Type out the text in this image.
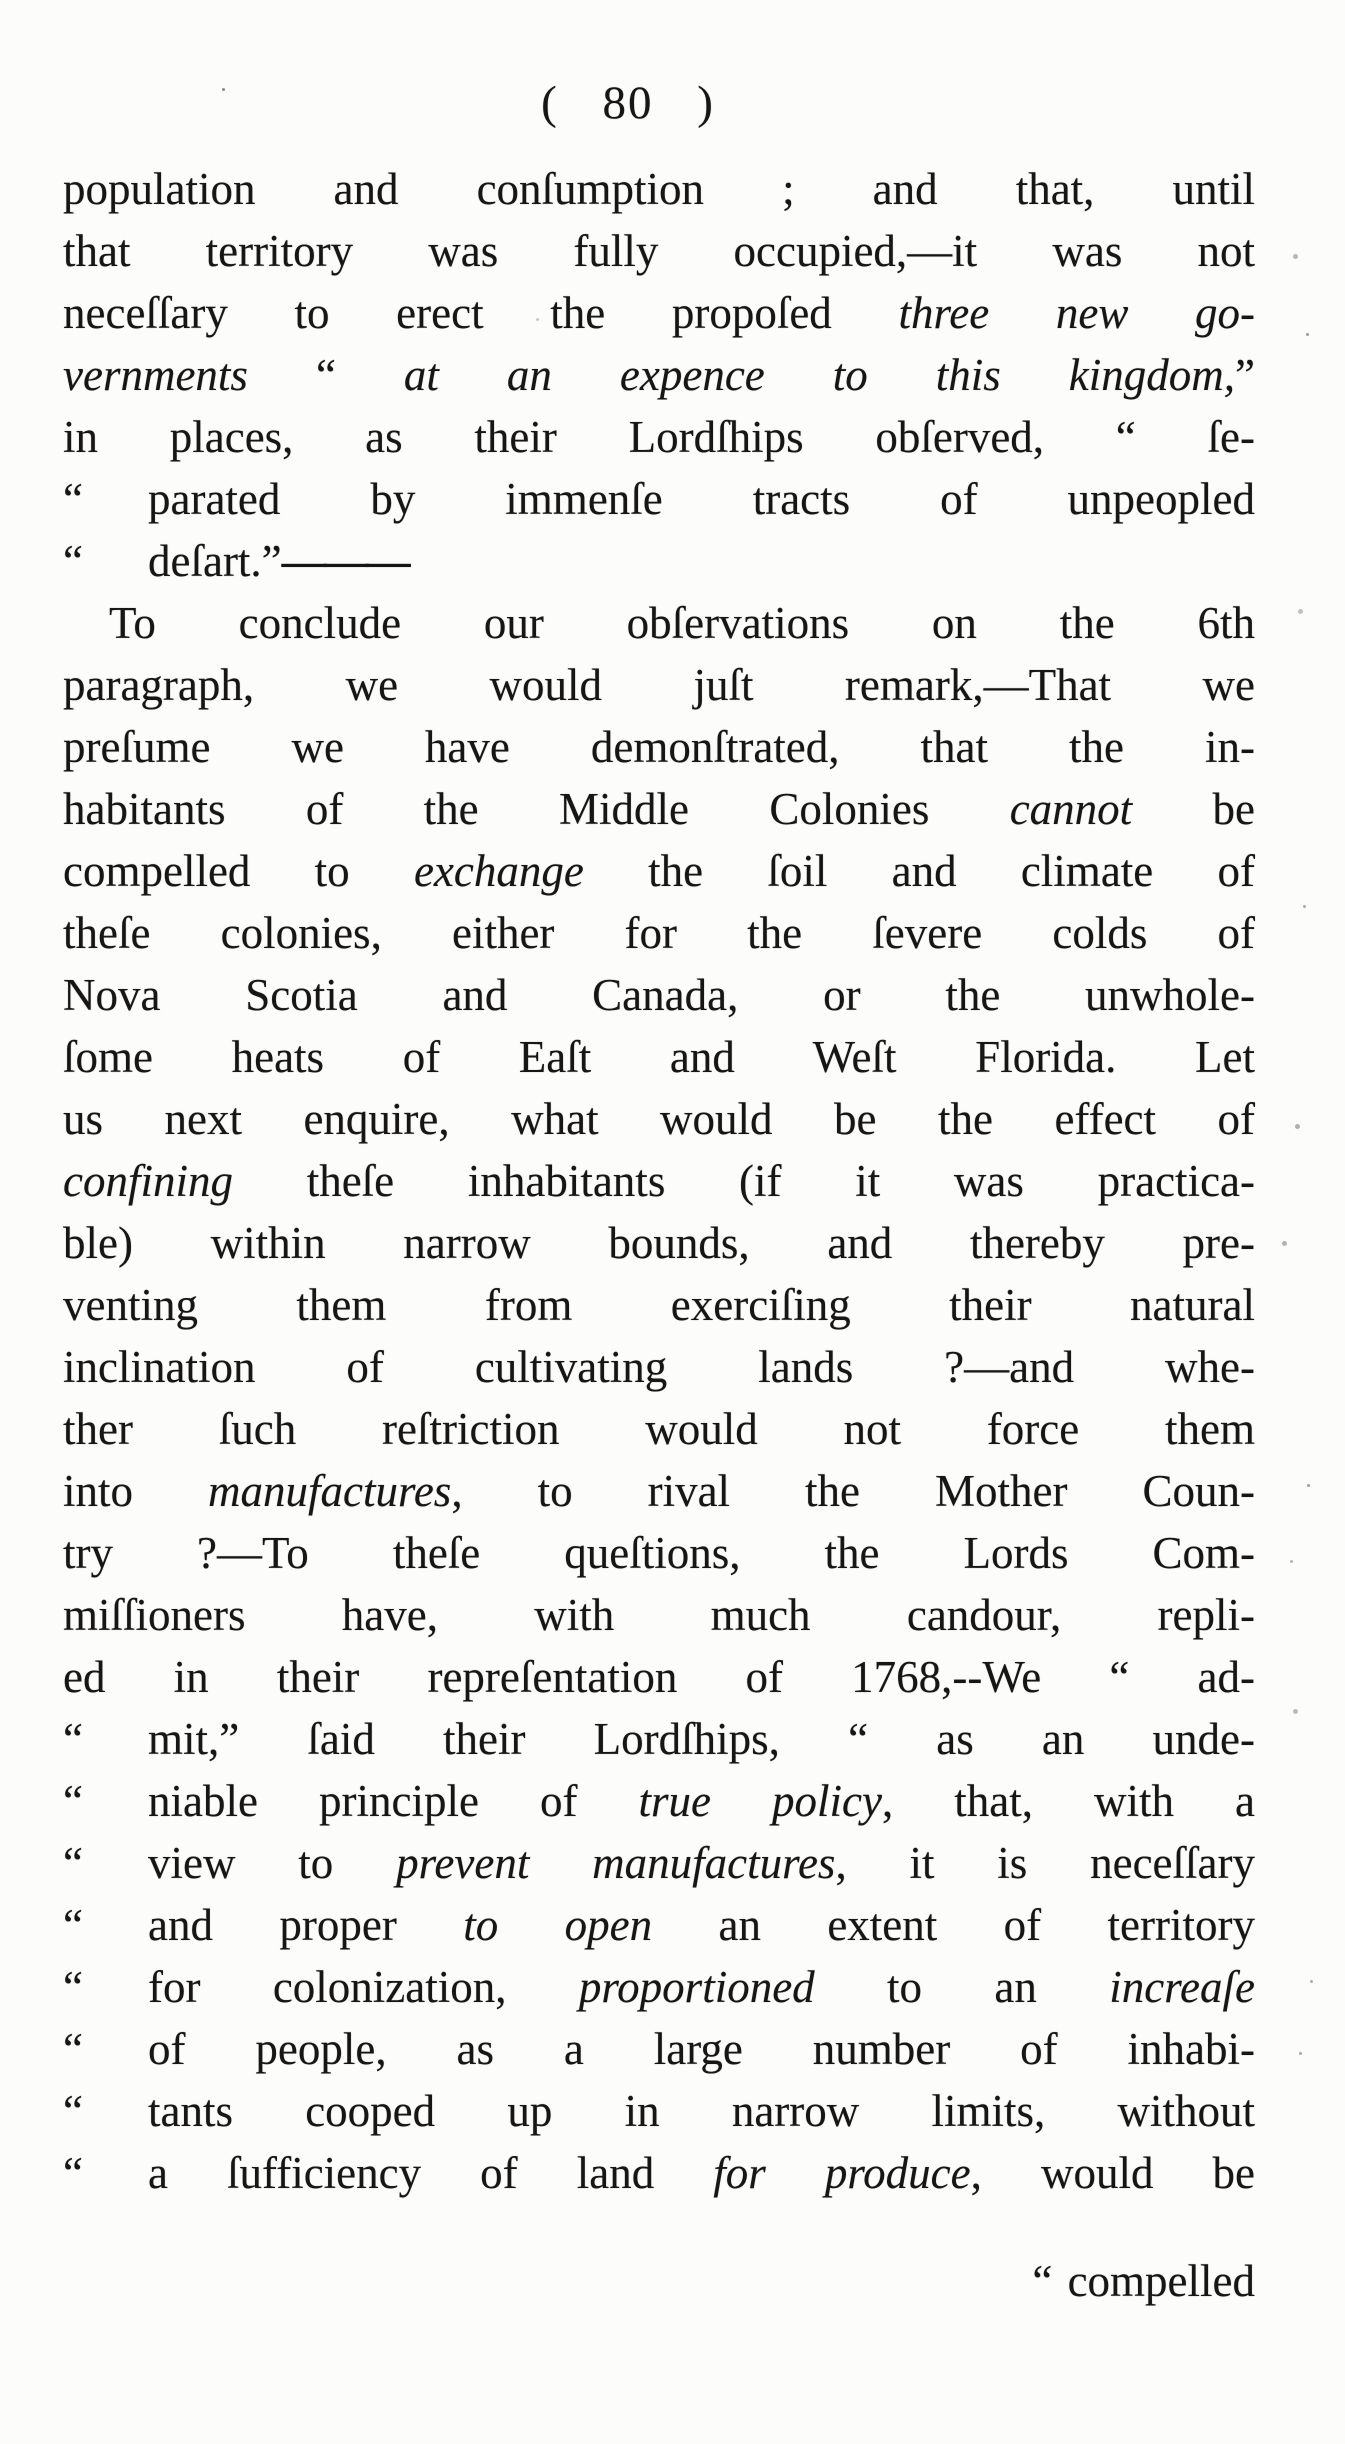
( 80 )
population and conſumption ; and that, until
that territory was fully occupied,—it was not
neceſſary to erect the propoſed three new go-
vernments “ at an expence to this kingdom,”
in places, as their Lordſhips obſerved, “ ſe-
“ parated by immenſe tracts of unpeopled
“ deſart.”———
To conclude our obſervations on the 6th
paragraph, we would juſt remark,—That we
preſume we have demonſtrated, that the in-
habitants of the Middle Colonies cannot be
compelled to exchange the ſoil and climate of
theſe colonies, either for the ſevere colds of
Nova Scotia and Canada, or the unwhole-
ſome heats of Eaſt and Weſt Florida. Let
us next enquire, what would be the effect of
confining theſe inhabitants (if it was practica-
ble) within narrow bounds, and thereby pre-
venting them from exerciſing their natural
inclination of cultivating lands ?—and whe-
ther ſuch reſtriction would not force them
into manufactures, to rival the Mother Coun-
try ?—To theſe queſtions, the Lords Com-
miſſioners have, with much candour, repli-
ed in their repreſentation of 1768,--We “ ad-
“ mit,” ſaid their Lordſhips, “ as an unde-
“ niable principle of true policy, that, with a
“ view to prevent manufactures, it is neceſſary
“ and proper to open an extent of territory
“ for colonization, proportioned to an increaſe
“ of people, as a large number of inhabi-
“ tants cooped up in narrow limits, without
“ a ſufficiency of land for produce, would be
“ compelled
